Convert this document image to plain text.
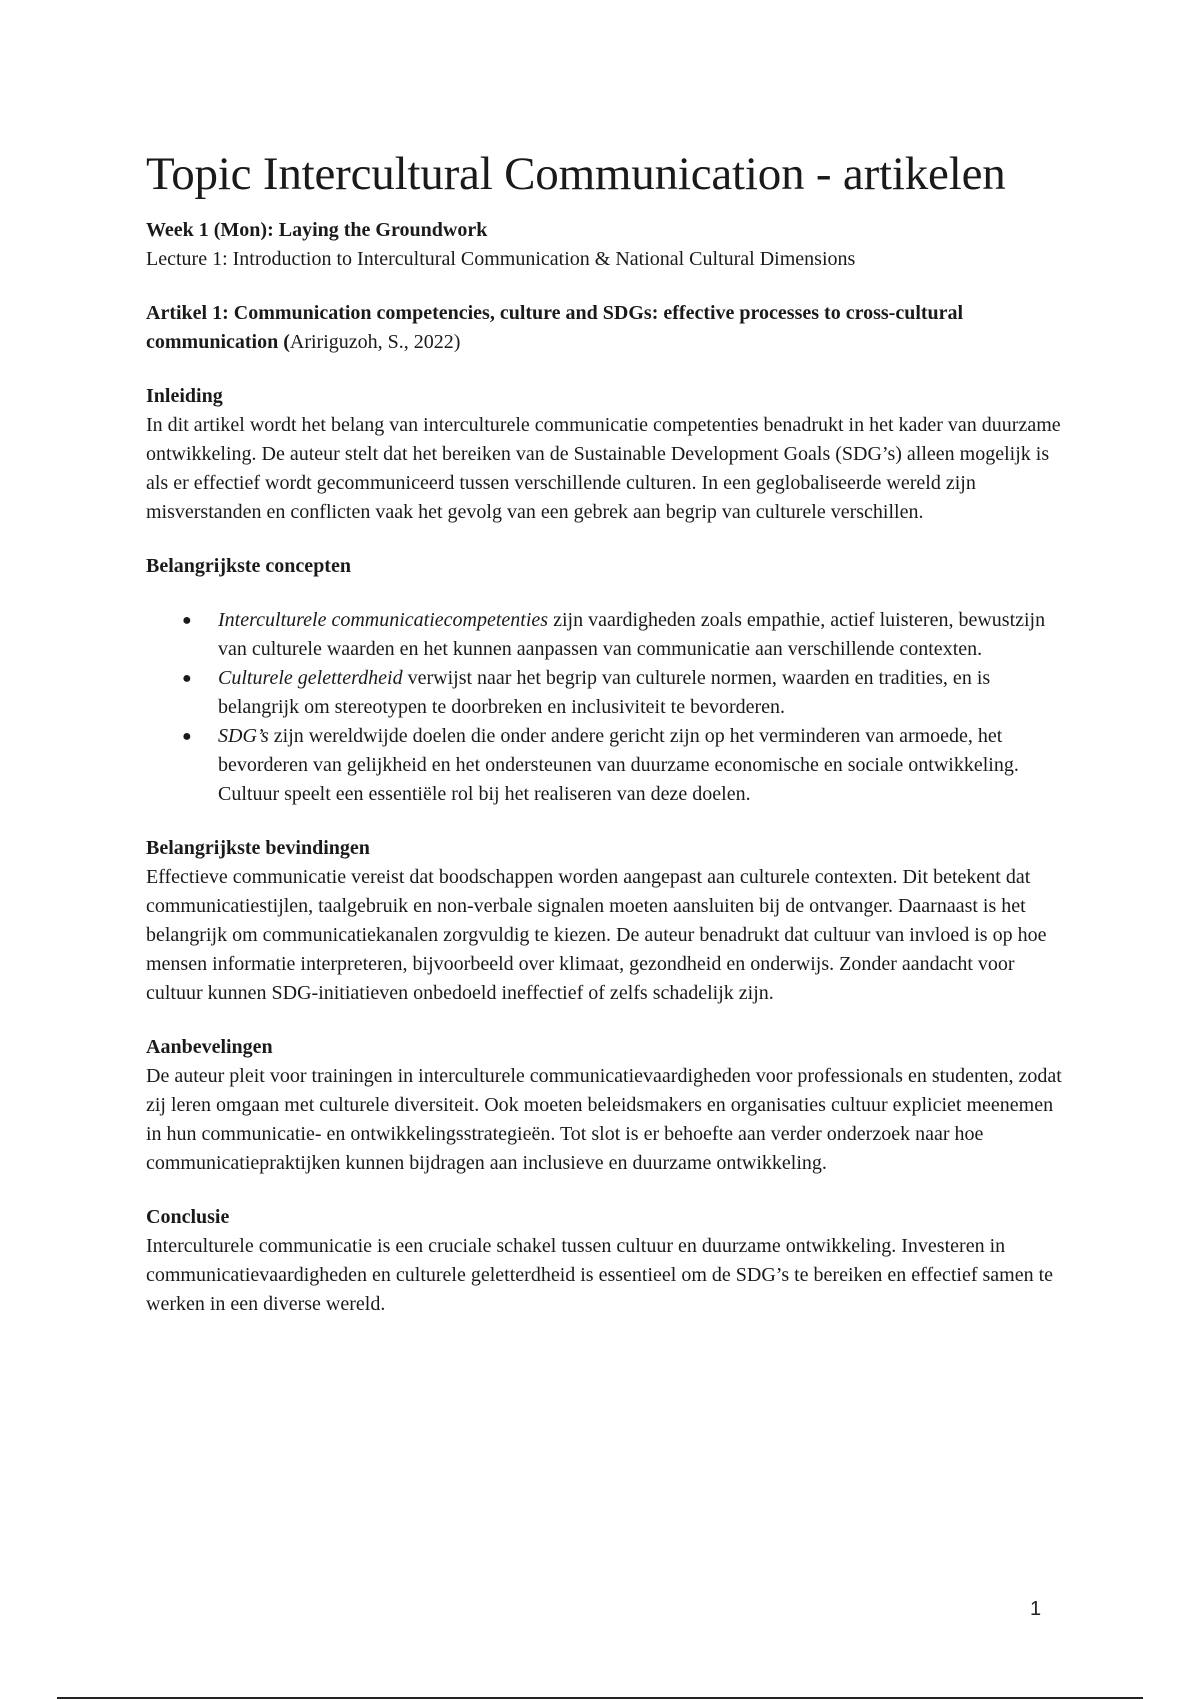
Topic Intercultural Communication - artikelen
Week 1 (Mon): Laying the Groundwork
Lecture 1: Introduction to Intercultural Communication & National Cultural Dimensions
Artikel 1: Communication competencies, culture and SDGs: effective processes to cross-cultural communication (Aririguzoh, S., 2022)
Inleiding
In dit artikel wordt het belang van interculturele communicatie competenties benadrukt in het kader van duurzame ontwikkeling. De auteur stelt dat het bereiken van de Sustainable Development Goals (SDG’s) alleen mogelijk is als er effectief wordt gecommuniceerd tussen verschillende culturen. In een geglobaliseerde wereld zijn misverstanden en conflicten vaak het gevolg van een gebrek aan begrip van culturele verschillen.
Belangrijkste concepten
● Interculturele communicatiecompetenties zijn vaardigheden zoals empathie, actief luisteren, bewustzijn van culturele waarden en het kunnen aanpassen van communicatie aan verschillende contexten.
● Culturele geletterdheid verwijst naar het begrip van culturele normen, waarden en tradities, en is belangrijk om stereotypen te doorbreken en inclusiviteit te bevorderen.
● SDG’s zijn wereldwijde doelen die onder andere gericht zijn op het verminderen van armoede, het bevorderen van gelijkheid en het ondersteunen van duurzame economische en sociale ontwikkeling. Cultuur speelt een essentiële rol bij het realiseren van deze doelen.
Belangrijkste bevindingen
Effectieve communicatie vereist dat boodschappen worden aangepast aan culturele contexten. Dit betekent dat communicatiestijlen, taalgebruik en non-verbale signalen moeten aansluiten bij de ontvanger. Daarnaast is het belangrijk om communicatiekanalen zorgvuldig te kiezen. De auteur benadrukt dat cultuur van invloed is op hoe mensen informatie interpreteren, bijvoorbeeld over klimaat, gezondheid en onderwijs. Zonder aandacht voor cultuur kunnen SDG-initiatieven onbedoeld ineffectief of zelfs schadelijk zijn.
Aanbevelingen
De auteur pleit voor trainingen in interculturele communicatievaardigheden voor professionals en studenten, zodat zij leren omgaan met culturele diversiteit. Ook moeten beleidsmakers en organisaties cultuur expliciet meenemen in hun communicatie- en ontwikkelingsstrategieën. Tot slot is er behoefte aan verder onderzoek naar hoe communicatiepraktijken kunnen bijdragen aan inclusieve en duurzame ontwikkeling.
Conclusie
Interculturele communicatie is een cruciale schakel tussen cultuur en duurzame ontwikkeling. Investeren in communicatievaardigheden en culturele geletterdheid is essentieel om de SDG’s te bereiken en effectief samen te werken in een diverse wereld.
1
